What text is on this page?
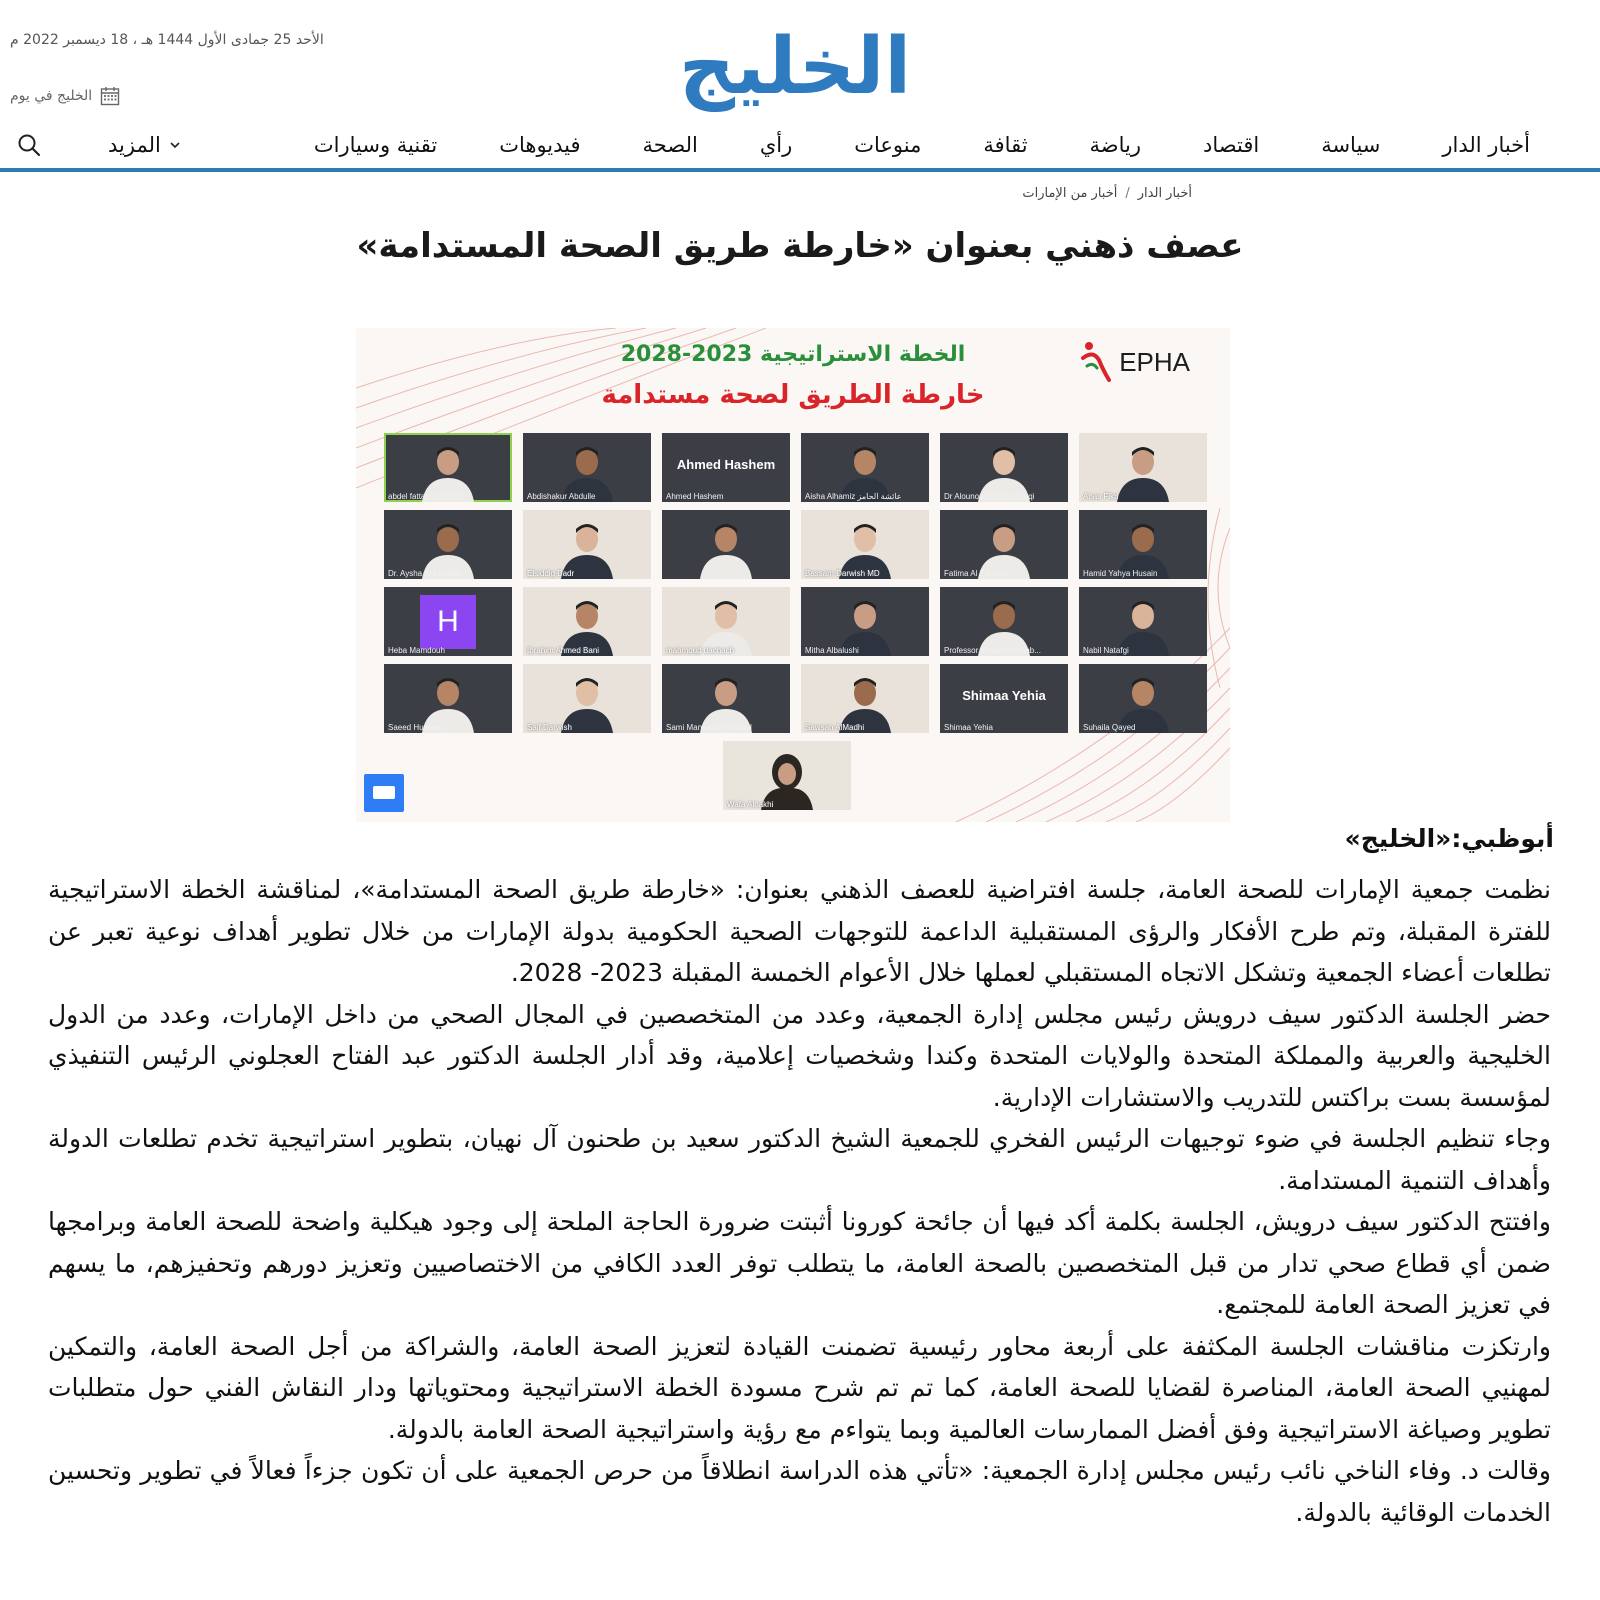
الأحد 25 جمادى الأول 1444 هـ ، 18 ديسمبر 2022 م
الخليج في يوم	الخليج
أخبار الدار
سياسة
اقتصاد
رياضة
ثقافة
منوعات
رأي
الصحة
فيديوهات
تقنية وسيارات
المزيد
أخبار الدار
/
أخبار من الإمارات
عصف ذهني بعنوان «خارطة طريق الصحة المستدامة»
EPHA
الخطة الاستراتيجية 2023-2028
خارطة الطريق لصحة مستدامة
abdel fattah al-ajlouni	Abdishakur Abdulle
Ahmed Hashem
Ahmed Hashem	Aisha Alhamiz عائشة الحامز	Dr Alounoud AL Marzouqi	Anas Fikri
Dr. Aysha Al Dhaheri	Elsiddig Badr	Bassam Darwish MD	Fatima Al Zarooni	Hamid Yahya Husain
H
Heba Mamdouh	Ibrahim Ahmed Bani	mahmoud dachach	Mitha Albalushi	Professor Mounir Marhab...	Nabil Natafgi
Saeed Hussein	Saif Darwish	Sami Manaa Bin Ahmed	Sawsan AlMadhi
Shimaa Yehia
Shimaa Yehia	Suhaila Qayed
Wafa Alnakhi
أبوظبي:«الخليج»

نظمت جمعية الإمارات للصحة العامة، جلسة افتراضية للعصف الذهني بعنوان: «خارطة طريق الصحة المستدامة»، لمناقشة الخطة الاستراتيجية للفترة المقبلة، وتم طرح الأفكار والرؤى المستقبلية الداعمة للتوجهات الصحية الحكومية بدولة الإمارات من خلال تطوير أهداف نوعية تعبر عن تطلعات أعضاء الجمعية وتشكل الاتجاه المستقبلي لعملها خلال الأعوام الخمسة المقبلة 2023- 2028.

حضر الجلسة الدكتور سيف درويش رئيس مجلس إدارة الجمعية، وعدد من المتخصصين في المجال الصحي من داخل الإمارات، وعدد من الدول الخليجية والعربية والمملكة المتحدة والولايات المتحدة وكندا وشخصيات إعلامية، وقد أدار الجلسة الدكتور عبد الفتاح العجلوني الرئيس التنفيذي لمؤسسة بست براكتس للتدريب والاستشارات الإدارية.

وجاء تنظيم الجلسة في ضوء توجيهات الرئيس الفخري للجمعية الشيخ الدكتور سعيد بن طحنون آل نهيان، بتطوير استراتيجية تخدم تطلعات الدولة وأهداف التنمية المستدامة.

وافتتح الدكتور سيف درويش، الجلسة بكلمة أكد فيها أن جائحة كورونا أثبتت ضرورة الحاجة الملحة إلى وجود هيكلية واضحة للصحة العامة وبرامجها ضمن أي قطاع صحي تدار من قبل المتخصصين بالصحة العامة، ما يتطلب توفر العدد الكافي من الاختصاصيين وتعزيز دورهم وتحفيزهم، ما يسهم في تعزيز الصحة العامة للمجتمع.

وارتكزت مناقشات الجلسة المكثفة على أربعة محاور رئيسية تضمنت القيادة لتعزيز الصحة العامة، والشراكة من أجل الصحة العامة، والتمكين لمهنيي الصحة العامة، المناصرة لقضايا للصحة العامة، كما تم تم شرح مسودة الخطة الاستراتيجية ومحتوياتها ودار النقاش الفني حول متطلبات تطوير وصياغة الاستراتيجية وفق أفضل الممارسات العالمية وبما يتواءم مع رؤية واستراتيجية الصحة العامة بالدولة.

وقالت د. وفاء الناخي نائب رئيس مجلس إدارة الجمعية: «تأتي هذه الدراسة انطلاقاً من حرص الجمعية على أن تكون جزءاً فعالاً في تطوير وتحسين الخدمات الوقائية بالدولة.
